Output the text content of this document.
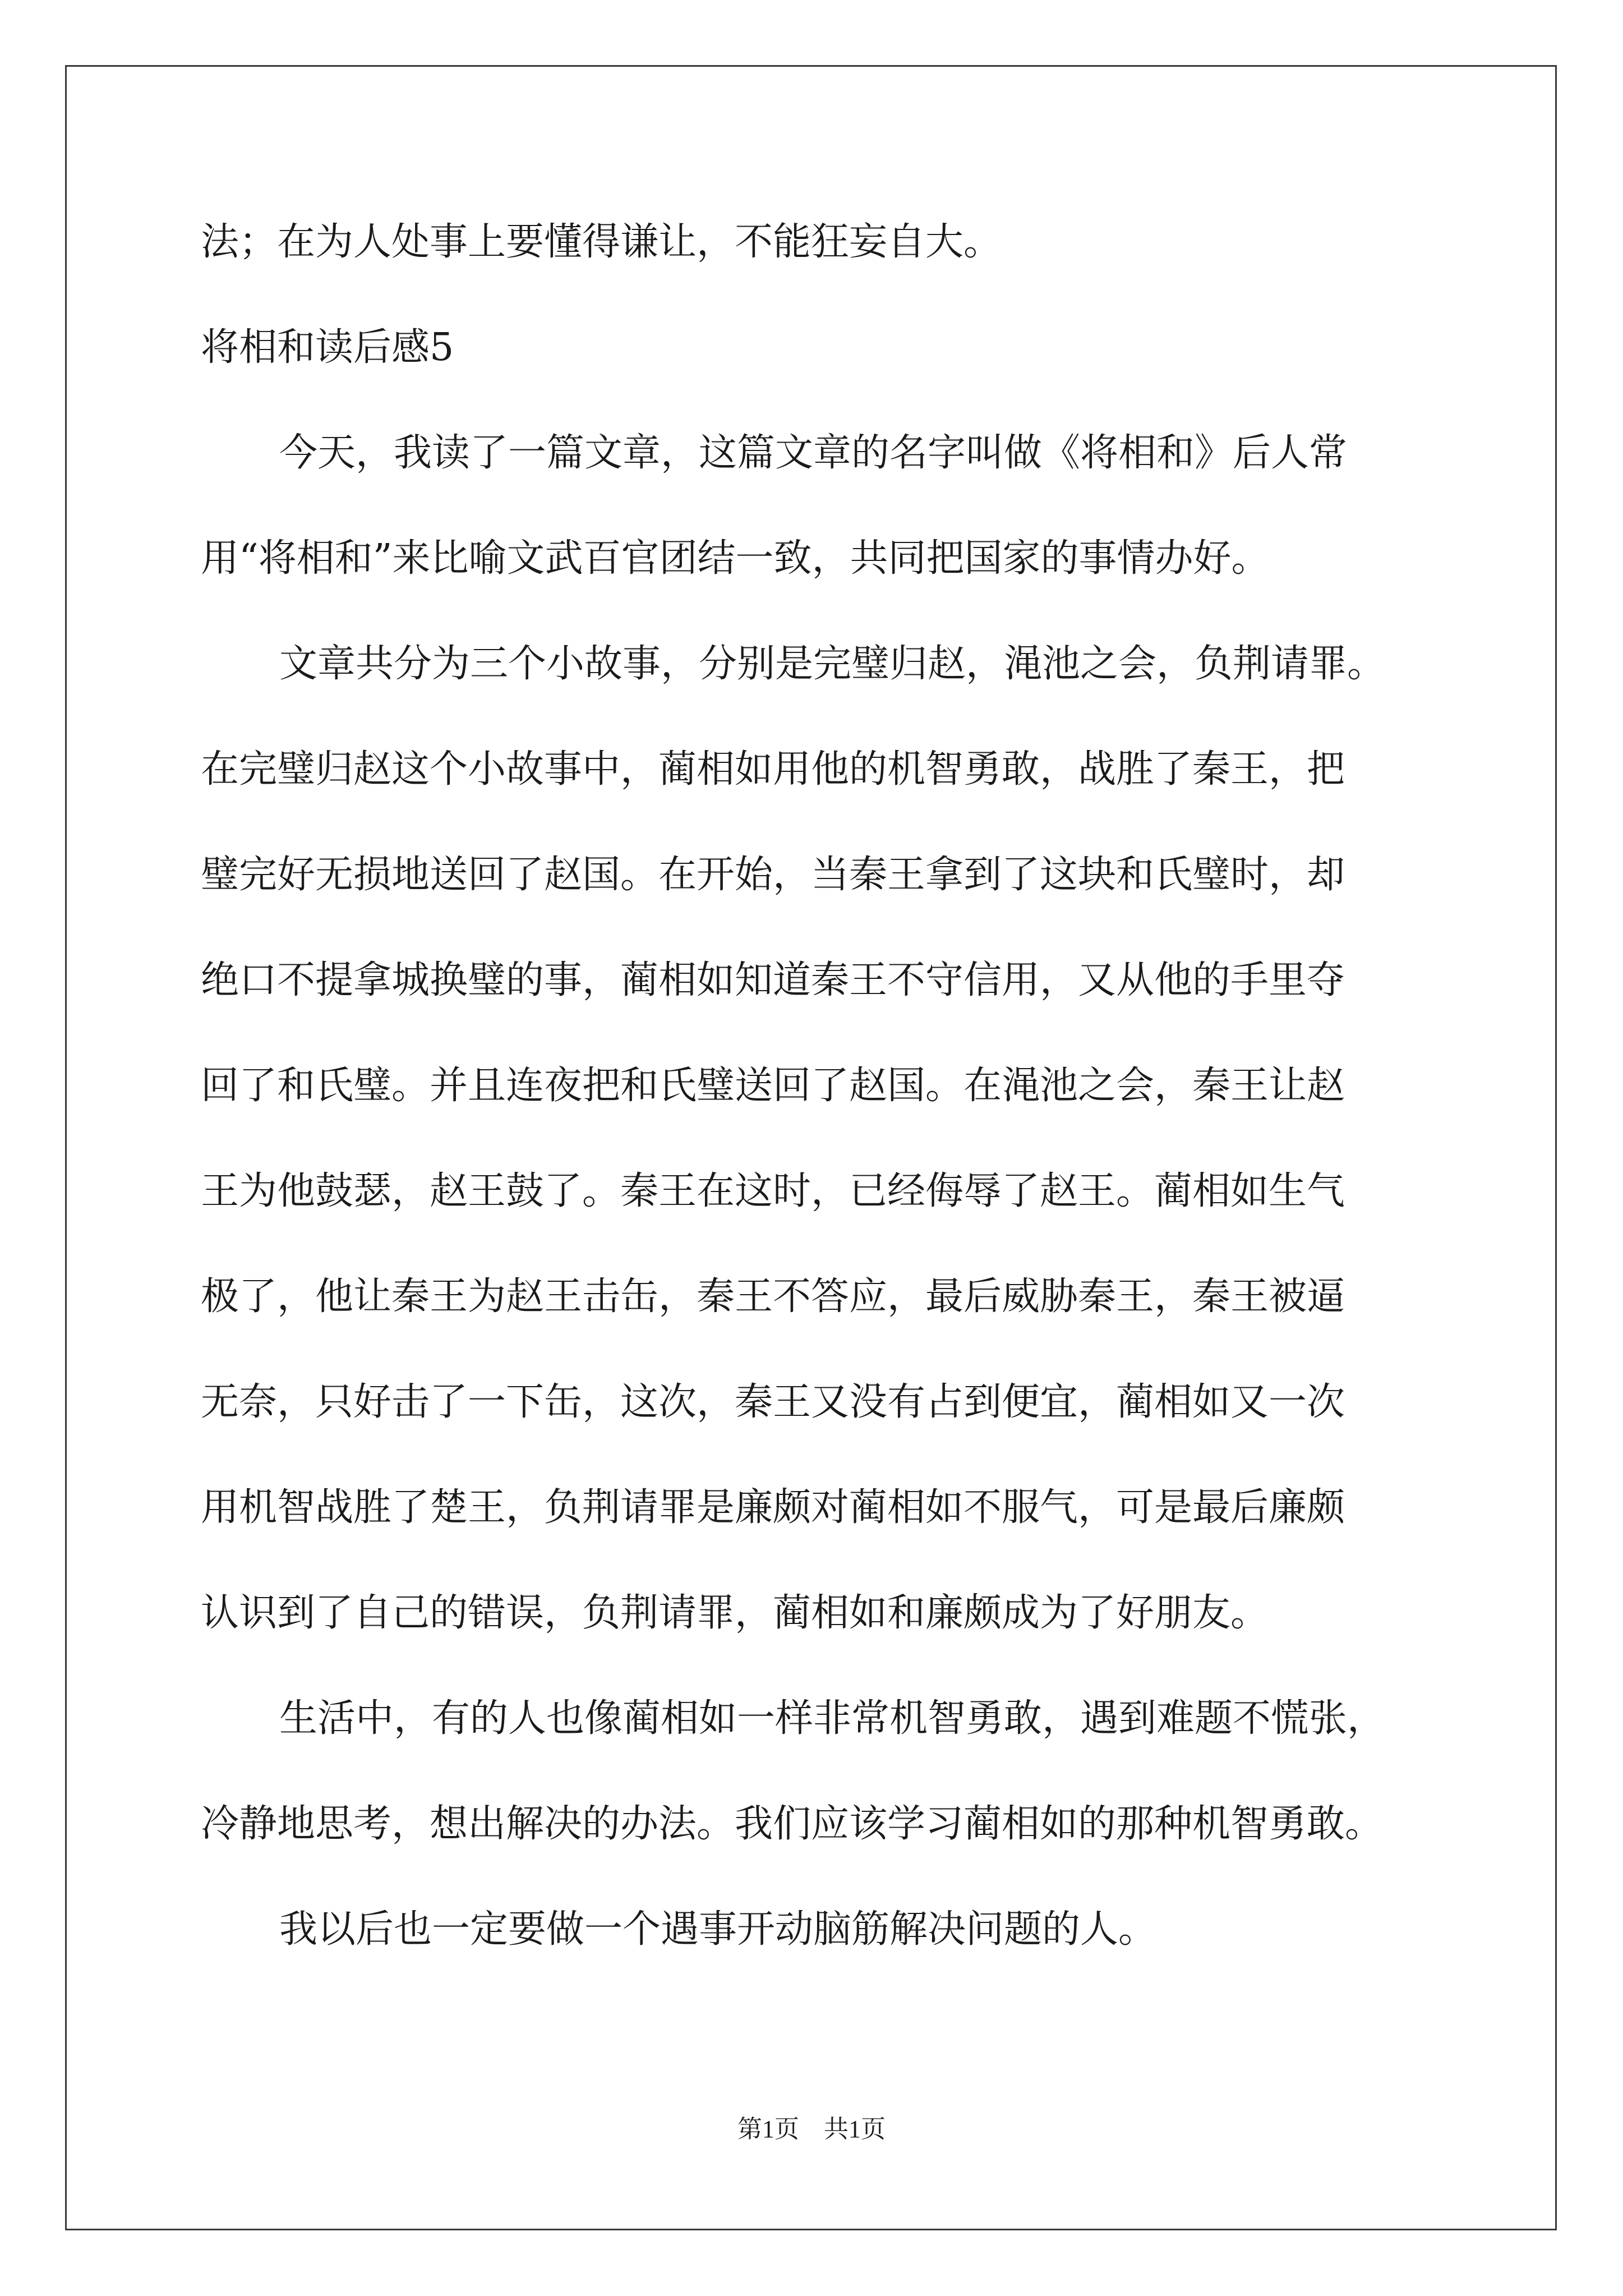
法；在为人处事上要懂得谦让，不能狂妄自大。
将相和读后感5
今天，我读了一篇文章，这篇文章的名字叫做《将相和》后人常
用“将相和”来比喻文武百官团结一致，共同把国家的事情办好。
文章共分为三个小故事，分别是完璧归赵，渑池之会，负荆请罪。
在完璧归赵这个小故事中，蔺相如用他的机智勇敢，战胜了秦王，把
璧完好无损地送回了赵国。在开始，当秦王拿到了这块和氏璧时，却
绝口不提拿城换璧的事，蔺相如知道秦王不守信用，又从他的手里夺
回了和氏璧。并且连夜把和氏璧送回了赵国。在渑池之会，秦王让赵
王为他鼓瑟，赵王鼓了。秦王在这时，已经侮辱了赵王。蔺相如生气
极了，他让秦王为赵王击缶，秦王不答应，最后威胁秦王，秦王被逼
无奈，只好击了一下缶，这次，秦王又没有占到便宜，蔺相如又一次
用机智战胜了楚王，负荆请罪是廉颇对蔺相如不服气，可是最后廉颇
认识到了自己的错误，负荆请罪，蔺相如和廉颇成为了好朋友。
生活中，有的人也像蔺相如一样非常机智勇敢，遇到难题不慌张，
冷静地思考，想出解决的办法。我们应该学习蔺相如的那种机智勇敢。
我以后也一定要做一个遇事开动脑筋解决问题的人。
第1页　共1页
